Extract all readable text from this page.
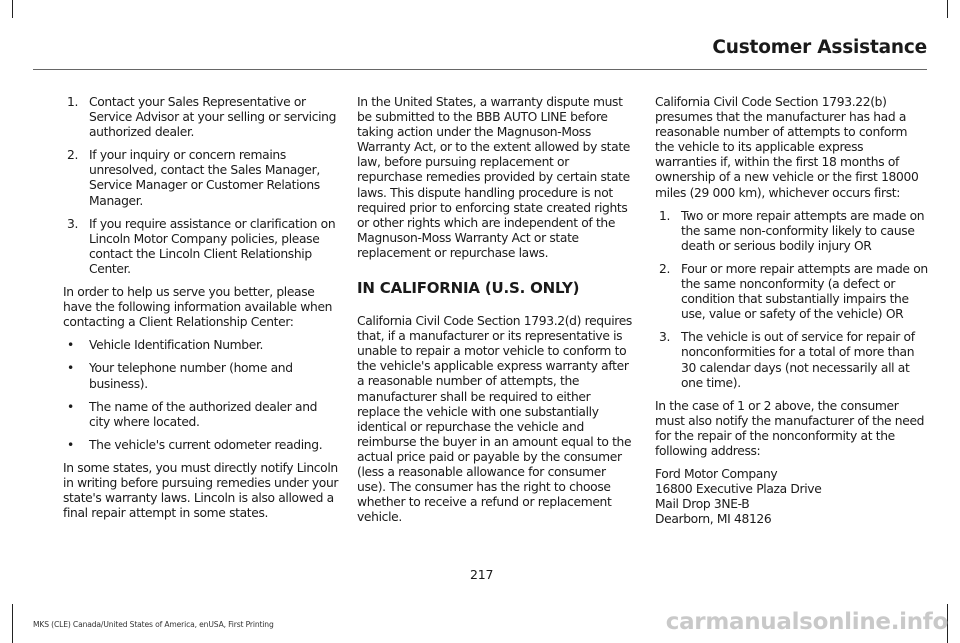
Customer Assistance
1. Contact your Sales Representative or Service Advisor at your selling or servicing authorized dealer.
2. If your inquiry or concern remains unresolved, contact the Sales Manager, Service Manager or Customer Relations Manager.
3. If you require assistance or clarification on Lincoln Motor Company policies, please contact the Lincoln Client Relationship Center.

In order to help us serve you better, please have the following information available when contacting a Client Relationship Center:

• Vehicle Identification Number.
• Your telephone number (home and business).
• The name of the authorized dealer and city where located.
• The vehicle's current odometer reading.

In some states, you must directly notify Lincoln in writing before pursuing remedies under your state's warranty laws. Lincoln is also allowed a final repair attempt in some states.

In the United States, a warranty dispute must be submitted to the BBB AUTO LINE before taking action under the Magnuson-Moss Warranty Act, or to the extent allowed by state law, before pursuing replacement or repurchase remedies provided by certain state laws. This dispute handling procedure is not required prior to enforcing state created rights or other rights which are independent of the Magnuson-Moss Warranty Act or state replacement or repurchase laws.

IN CALIFORNIA (U.S. ONLY)

California Civil Code Section 1793.2(d) requires that, if a manufacturer or its representative is unable to repair a motor vehicle to conform to the vehicle's applicable express warranty after a reasonable number of attempts, the manufacturer shall be required to either replace the vehicle with one substantially identical or repurchase the vehicle and reimburse the buyer in an amount equal to the actual price paid or payable by the consumer (less a reasonable allowance for consumer use). The consumer has the right to choose whether to receive a refund or replacement vehicle.

California Civil Code Section 1793.22(b) presumes that the manufacturer has had a reasonable number of attempts to conform the vehicle to its applicable express warranties if, within the first 18 months of ownership of a new vehicle or the first 18000 miles (29 000 km), whichever occurs first:

1. Two or more repair attempts are made on the same non-conformity likely to cause death or serious bodily injury OR
2. Four or more repair attempts are made on the same nonconformity (a defect or condition that substantially impairs the use, value or safety of the vehicle) OR
3. The vehicle is out of service for repair of nonconformities for a total of more than 30 calendar days (not necessarily all at one time).

In the case of 1 or 2 above, the consumer must also notify the manufacturer of the need for the repair of the nonconformity at the following address:

Ford Motor Company
16800 Executive Plaza Drive
Mail Drop 3NE-B
Dearborn, MI 48126
217
MKS (CLE) Canada/United States of America, enUSA, First Printing	carmanualsonline.info
